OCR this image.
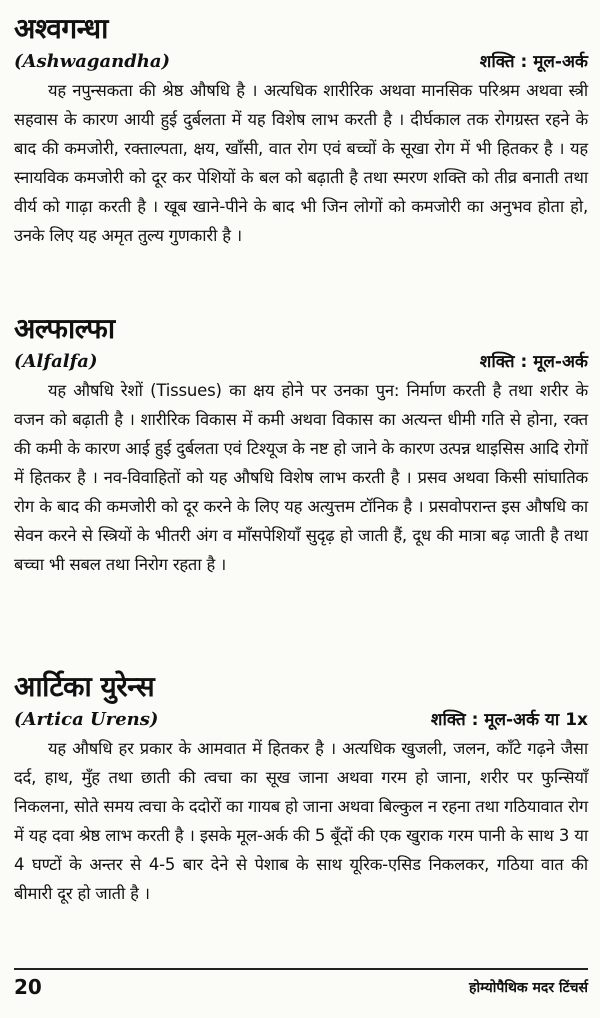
अश्वगन्धा
(Ashwagandha)	शक्ति : मूल-अर्क

यह नपुन्सकता की श्रेष्ठ औषधि है । अत्यधिक शारीरिक अथवा मानसिक परिश्रम अथवा स्त्री सहवास के कारण आयी हुई दुर्बलता में यह विशेष लाभ करती है । दीर्घकाल तक रोगग्रस्त रहने के बाद की कमजोरी, रक्ताल्पता, क्षय, खाँसी, वात रोग एवं बच्चों के सूखा रोग में भी हितकर है । यह स्नायविक कमजोरी को दूर कर पेशियों के बल को बढ़ाती है तथा स्मरण शक्ति को तीव्र बनाती तथा वीर्य को गाढ़ा करती है । खूब खाने-पीने के बाद भी जिन लोगों को कमजोरी का अनुभव होता हो, उनके लिए यह अमृत तुल्य गुणकारी है ।

अल्फाल्फा
(Alfalfa)	शक्ति : मूल-अर्क

यह औषधि रेशों (Tissues) का क्षय होने पर उनका पुन: निर्माण करती है तथा शरीर के वजन को बढ़ाती है । शारीरिक विकास में कमी अथवा विकास का अत्यन्त धीमी गति से होना, रक्त की कमी के कारण आई हुई दुर्बलता एवं टिश्यूज के नष्ट हो जाने के कारण उत्पन्न थाइसिस आदि रोगों में हितकर है । नव-विवाहितों को यह औषधि विशेष लाभ करती है । प्रसव अथवा किसी सांघातिक रोग के बाद की कमजोरी को दूर करने के लिए यह अत्युत्तम टॉनिक है । प्रसवोपरान्त इस औषधि का सेवन करने से स्त्रियों के भीतरी अंग व माँसपेशियाँ सुदृढ़ हो जाती हैं, दूध की मात्रा बढ़ जाती है तथा बच्चा भी सबल तथा निरोग रहता है ।

आर्टिका युरेन्स
(Artica Urens)	शक्ति : मूल-अर्क या 1x

यह औषधि हर प्रकार के आमवात में हितकर है । अत्यधिक खुजली, जलन, काँटे गढ़ने जैसा दर्द, हाथ, मुँह तथा छाती की त्वचा का सूख जाना अथवा गरम हो जाना, शरीर पर फुन्सियाँ निकलना, सोते समय त्वचा के ददोरों का गायब हो जाना अथवा बिल्कुल न रहना तथा गठियावात रोग में यह दवा श्रेष्ठ लाभ करती है । इसके मूल-अर्क की 5 बूँदों की एक खुराक गरम पानी के साथ 3 या 4 घण्टों के अन्तर से 4-5 बार देने से पेशाब के साथ यूरिक-एसिड निकलकर, गठिया वात की बीमारी दूर हो जाती है ।

20	होम्योपैथिक मदर टिंचर्स
